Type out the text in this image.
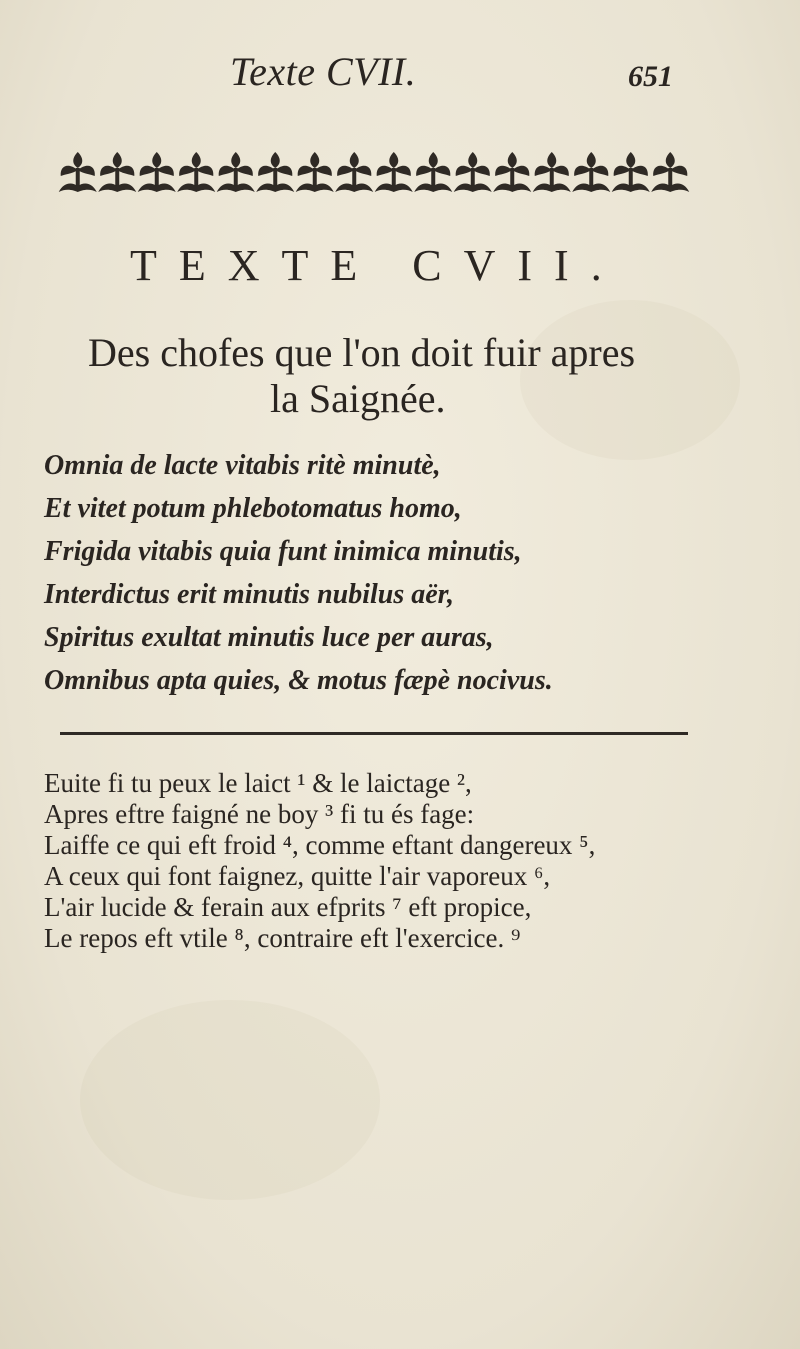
Texte CVII.	651
TEXTE CVII.
Des chofes que l'on doit fuir apres
la Saignée.
Omnia de lacte vitabis ritè minutè,
Et vitet potum phlebotomatus homo,
Frigida vitabis quia funt inimica minutis,
Interdictus erit minutis nubilus aër,
Spiritus exultat minutis luce per auras,
Omnibus apta quies, & motus fæpè nocivus.
Euite fi tu peux le laict ¹ & le laictage ²,
Apres eftre faigné ne boy ³ fi tu és fage:
Laiffe ce qui eft froid ⁴, comme eftant dangereux ⁵,
A ceux qui font faignez, quitte l'air vaporeux ⁶,
L'air lucide & ferain aux efprits ⁷ eft propice,
Le repos eft vtile ⁸, contraire eft l'exercice. ⁹
